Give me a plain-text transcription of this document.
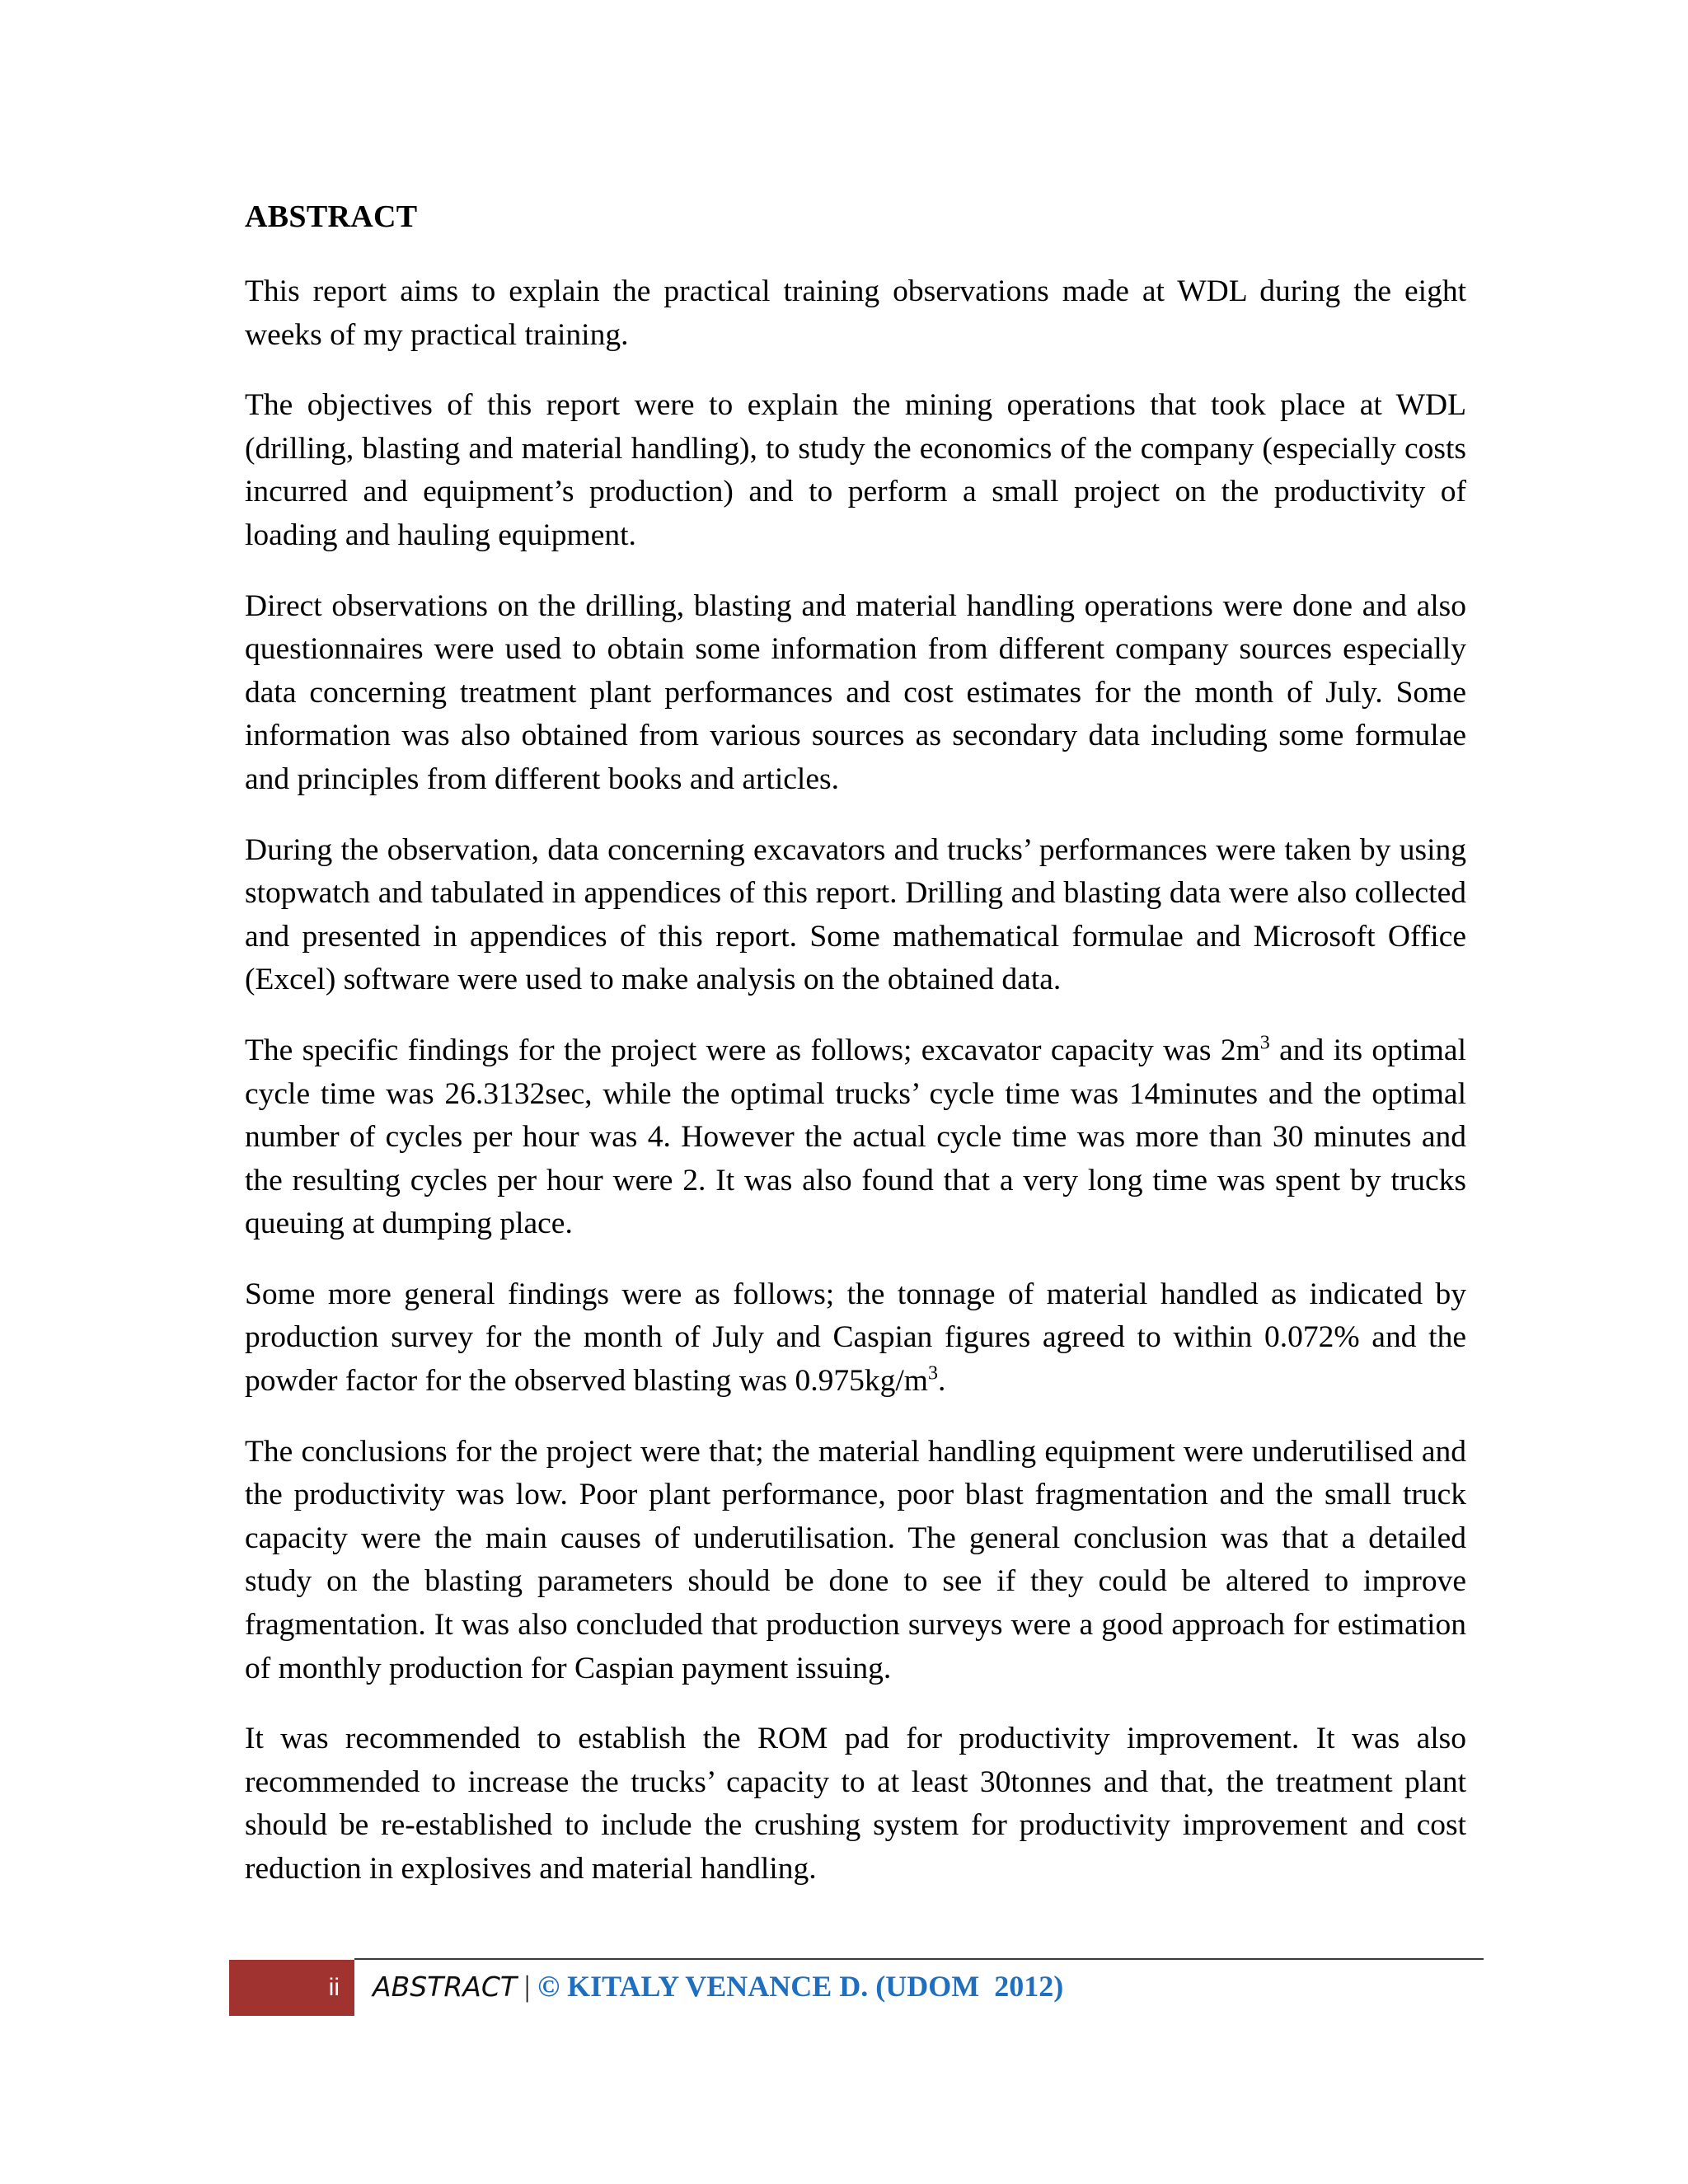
ABSTRACT

This report aims to explain the practical training observations made at WDL during the eight weeks of my practical training.

The objectives of this report were to explain the mining operations that took place at WDL (drilling, blasting and material handling), to study the economics of the company (especially costs incurred and equipment’s production) and to perform a small project on the productivity of loading and hauling equipment.

Direct observations on the drilling, blasting and material handling operations were done and also questionnaires were used to obtain some information from different company sources especially data concerning treatment plant performances and cost estimates for the month of July. Some information was also obtained from various sources as secondary data including some formulae and principles from different books and articles.

During the observation, data concerning excavators and trucks’ performances were taken by using stopwatch and tabulated in appendices of this report. Drilling and blasting data were also collected and presented in appendices of this report. Some mathematical formulae and Microsoft Office (Excel) software were used to make analysis on the obtained data.

The specific findings for the project were as follows; excavator capacity was $2m^3$ and its optimal cycle time was 26.3132sec, while the optimal trucks’ cycle time was 14minutes and the optimal number of cycles per hour was 4. However the actual cycle time was more than 30 minutes and the resulting cycles per hour were 2. It was also found that a very long time was spent by trucks queuing at dumping place.

Some more general findings were as follows; the tonnage of material handled as indicated by production survey for the month of July and Caspian figures agreed to within 0.072% and the powder factor for the observed blasting was $0.975kg/m^3$.

The conclusions for the project were that; the material handling equipment were underutilised and the productivity was low. Poor plant performance, poor blast fragmentation and the small truck capacity were the main causes of underutilisation. The general conclusion was that a detailed study on the blasting parameters should be done to see if they could be altered to improve fragmentation. It was also concluded that production surveys were a good approach for estimation of monthly production for Caspian payment issuing.

It was recommended to establish the ROM pad for productivity improvement. It was also recommended to increase the trucks’ capacity to at least 30tonnes and that, the treatment plant should be re-established to include the crushing system for productivity improvement and cost reduction in explosives and material handling.

ii ABSTRACT | © KITALY VENANCE D. (UDOM  2012)
